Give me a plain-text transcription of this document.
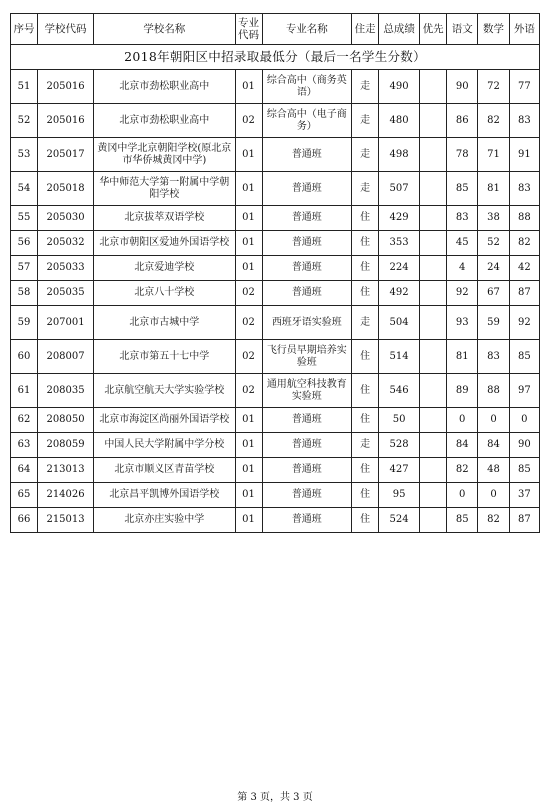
2018年朝阳区中招录取最低分（最后一名学生分数）										
序号	学校代码	学校名称	专业代码	专业名称	住走	总成绩	优先	语文	数学	外语
51	205016	北京市劲松职业高中	01	综合高中（商务英语）	走	490		90	72	77
52	205016	北京市劲松职业高中	02	综合高中（电子商务）	走	480		86	82	83
53	205017	黄冈中学北京朝阳学校(原北京市华侨城黄冈中学)	01	普通班	走	498		78	71	91
54	205018	华中师范大学第一附属中学朝阳学校	01	普通班	走	507		85	81	83
55	205030	北京拔萃双语学校	01	普通班	住	429		83	38	88
56	205032	北京市朝阳区爱迪外国语学校	01	普通班	住	353		45	52	82
57	205033	北京爱迪学校	01	普通班	住	224		4	24	42
58	205035	北京八十学校	02	普通班	住	492		92	67	87
59	207001	北京市古城中学	02	西班牙语实验班	走	504		93	59	92
60	208007	北京市第五十七中学	02	飞行员早期培养实验班	住	514		81	83	85
61	208035	北京航空航天大学实验学校	02	通用航空科技教育实验班	住	546		89	88	97
62	208050	北京市海淀区尚丽外国语学校	01	普通班	住	50		0	0	0
63	208059	中国人民大学附属中学分校	01	普通班	走	528		84	84	90
64	213013	北京市顺义区青苗学校	01	普通班	住	427		82	48	85
65	214026	北京昌平凯博外国语学校	01	普通班	住	95		0	0	37
66	215013	北京亦庄实验中学	01	普通班	住	524		85	82	87
第 3 页，共 3 页
